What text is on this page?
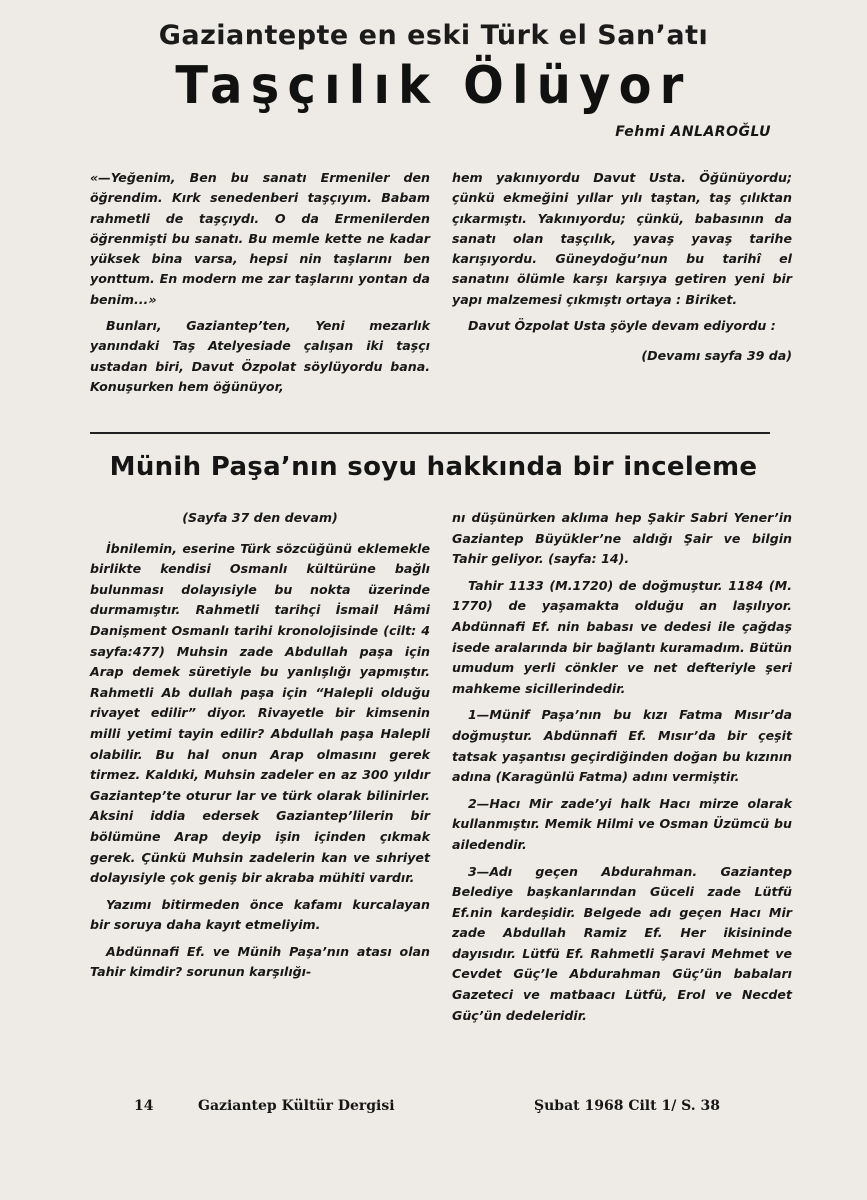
Gaziantepte en eski Türk el San’atı
Taşçılık Ölüyor
Fehmi ANLAROĞLU

«—Yeğenim, Ben bu sanatı Ermeniler den öğrendim. Kırk senedenberi taşçıyım. Babam rahmetli de taşçıydı. O da Ermenilerden öğrenmişti bu sanatı. Bu memle kette ne kadar yüksek bina varsa, hepsi nin taşlarını ben yonttum. En modern me zar taşlarını yontan da benim...»

Bunları, Gaziantep’ten, Yeni mezarlık yanındaki Taş Atelyesiade çalışan iki taşçı ustadan biri, Davut Özpolat söylüyordu bana. Konuşurken hem öğünüyor,

hem yakınıyordu Davut Usta. Öğünüyordu; çünkü ekmeğini yıllar yılı taştan, taş çılıktan çıkarmıştı. Yakınıyordu; çünkü, babasının da sanatı olan taşçılık, yavaş yavaş tarihe karışıyordu. Güneydoğu’nun bu tarihî el sanatını ölümle karşı karşıya getiren yeni bir yapı malzemesi çıkmıştı ortaya : Biriket.

Davut Özpolat Usta şöyle devam ediyordu :

(Devamı sayfa 39 da)

Münih Paşa’nın soyu hakkında bir inceleme

(Sayfa 37 den devam)

İbnilemin, eserine Türk sözcüğünü eklemekle birlikte kendisi Osmanlı kültürüne bağlı bulunması dolayısiyle bu nokta üzerinde durmamıştır. Rahmetli tarihçi İsmail Hâmi Danişment Osmanlı tarihi kronolojisinde (cilt: 4 sayfa:477) Muhsin zade Abdullah paşa için Arap demek süretiyle bu yanlışlığı yapmıştır. Rahmetli Ab dullah paşa için “Halepli olduğu rivayet edilir” diyor. Rivayetle bir kimsenin milli yetimi tayin edilir? Abdullah paşa Halepli olabilir. Bu hal onun Arap olmasını gerek tirmez. Kaldıki, Muhsin zadeler en az 300 yıldır Gaziantep’te oturur lar ve türk olarak bilinirler. Aksini iddia edersek Gaziantep’lilerin bir bölümüne Arap deyip işin içinden çıkmak gerek. Çünkü Muhsin zadelerin kan ve sıhriyet dolayısiyle çok geniş bir akraba mühiti vardır.

Yazımı bitirmeden önce kafamı kurcalayan bir soruya daha kayıt etmeliyim.

Abdünnafi Ef. ve Münih Paşa’nın atası olan Tahir kimdir? sorunun karşılığı-

nı düşünürken aklıma hep Şakir Sabri Yener’in Gaziantep Büyükler’ne aldığı Şair ve bilgin Tahir geliyor. (sayfa: 14).

Tahir 1133 (M.1720) de doğmuştur. 1184 (M. 1770) de yaşamakta olduğu an laşılıyor. Abdünnafi Ef. nin babası ve dedesi ile çağdaş isede aralarında bir bağlantı kuramadım. Bütün umudum yerli cönkler ve net defteriyle şeri mahkeme sicillerindedir.

1—Münif Paşa’nın bu kızı Fatma Mısır’da doğmuştur. Abdünnafi Ef. Mısır’da bir çeşit tatsak yaşantısı geçirdiğinden doğan bu kızının adına (Karagünlü Fatma) adını vermiştir.

2—Hacı Mir zade’yi halk Hacı mirze olarak kullanmıştır. Memik Hilmi ve Osman Üzümcü bu ailedendir.

3—Adı geçen Abdurahman. Gaziantep Belediye başkanlarından Güceli zade Lütfü Ef.nin kardeşidir. Belgede adı geçen Hacı Mir zade Abdullah Ramiz Ef. Her ikisininde dayısıdır. Lütfü Ef. Rahmetli Şaravi Mehmet ve Cevdet Güç’le Abdurahman Güç’ün babaları Gazeteci ve matbaacı Lütfü, Erol ve Necdet Güç’ün dedeleridir.

14	Gaziantep Kültür Dergisi	Şubat 1968 Cilt 1/ S. 38
